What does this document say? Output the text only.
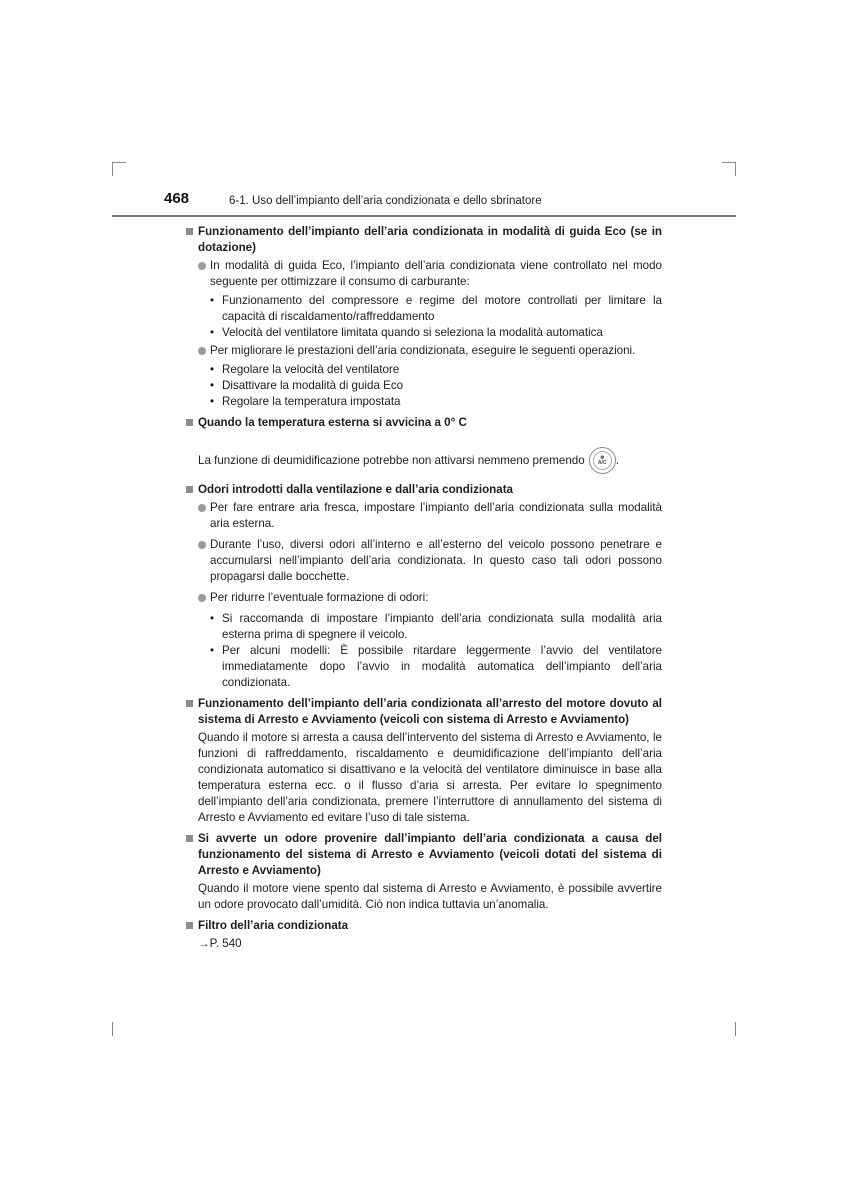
468	6-1. Uso dell’impianto dell’aria condizionata e dello sbrinatore
Funzionamento dell’impianto dell’aria condizionata in modalità di guida Eco (se in dotazione)
In modalità di guida Eco, l’impianto dell’aria condizionata viene controllato nel modo seguente per ottimizzare il consumo di carburante:
• Funzionamento del compressore e regime del motore controllati per limitare la capacità di riscaldamento/raffreddamento
• Velocità del ventilatore limitata quando si seleziona la modalità automatica
Per migliorare le prestazioni dell’aria condizionata, eseguire le seguenti operazioni.
• Regolare la velocità del ventilatore
• Disattivare la modalità di guida Eco
• Regolare la temperatura impostata
Quando la temperatura esterna si avvicina a 0° C
La funzione di deumidificazione potrebbe non attivarsi nemmeno premendo	❄
A/C .
Odori introdotti dalla ventilazione e dall’aria condizionata
Per fare entrare aria fresca, impostare l’impianto dell’aria condizionata sulla modalità aria esterna.
Durante l’uso, diversi odori all’interno e all’esterno del veicolo possono penetrare e accumularsi nell’impianto dell’aria condizionata. In questo caso tali odori possono propagarsi dalle bocchette.
Per ridurre l’eventuale formazione di odori:
• Si raccomanda di impostare l’impianto dell’aria condizionata sulla modalità aria esterna prima di spegnere il veicolo.
• Per alcuni modelli: È possibile ritardare leggermente l’avvio del ventilatore immediatamente dopo l’avvio in modalità automatica dell’impianto dell’aria condizionata.
Funzionamento dell’impianto dell’aria condizionata all’arresto del motore dovuto al sistema di Arresto e Avviamento (veicoli con sistema di Arresto e Avviamento)
Quando il motore si arresta a causa dell’intervento del sistema di Arresto e Avviamento, le funzioni di raffreddamento, riscaldamento e deumidificazione dell’impianto dell’aria condizionata automatico si disattivano e la velocità del ventilatore diminuisce in base alla temperatura esterna ecc. o il flusso d’aria si arresta. Per evitare lo spegnimento dell’impianto dell’aria condizionata, premere l’interruttore di annullamento del sistema di Arresto e Avviamento ed evitare l’uso di tale sistema.
Si avverte un odore provenire dall’impianto dell’aria condizionata a causa del funzionamento del sistema di Arresto e Avviamento (veicoli dotati del sistema di Arresto e Avviamento)
Quando il motore viene spento dal sistema di Arresto e Avviamento, è possibile avvertire un odore provocato dall’umidità. Ciò non indica tuttavia un’anomalia.
Filtro dell’aria condizionata
→P. 540
